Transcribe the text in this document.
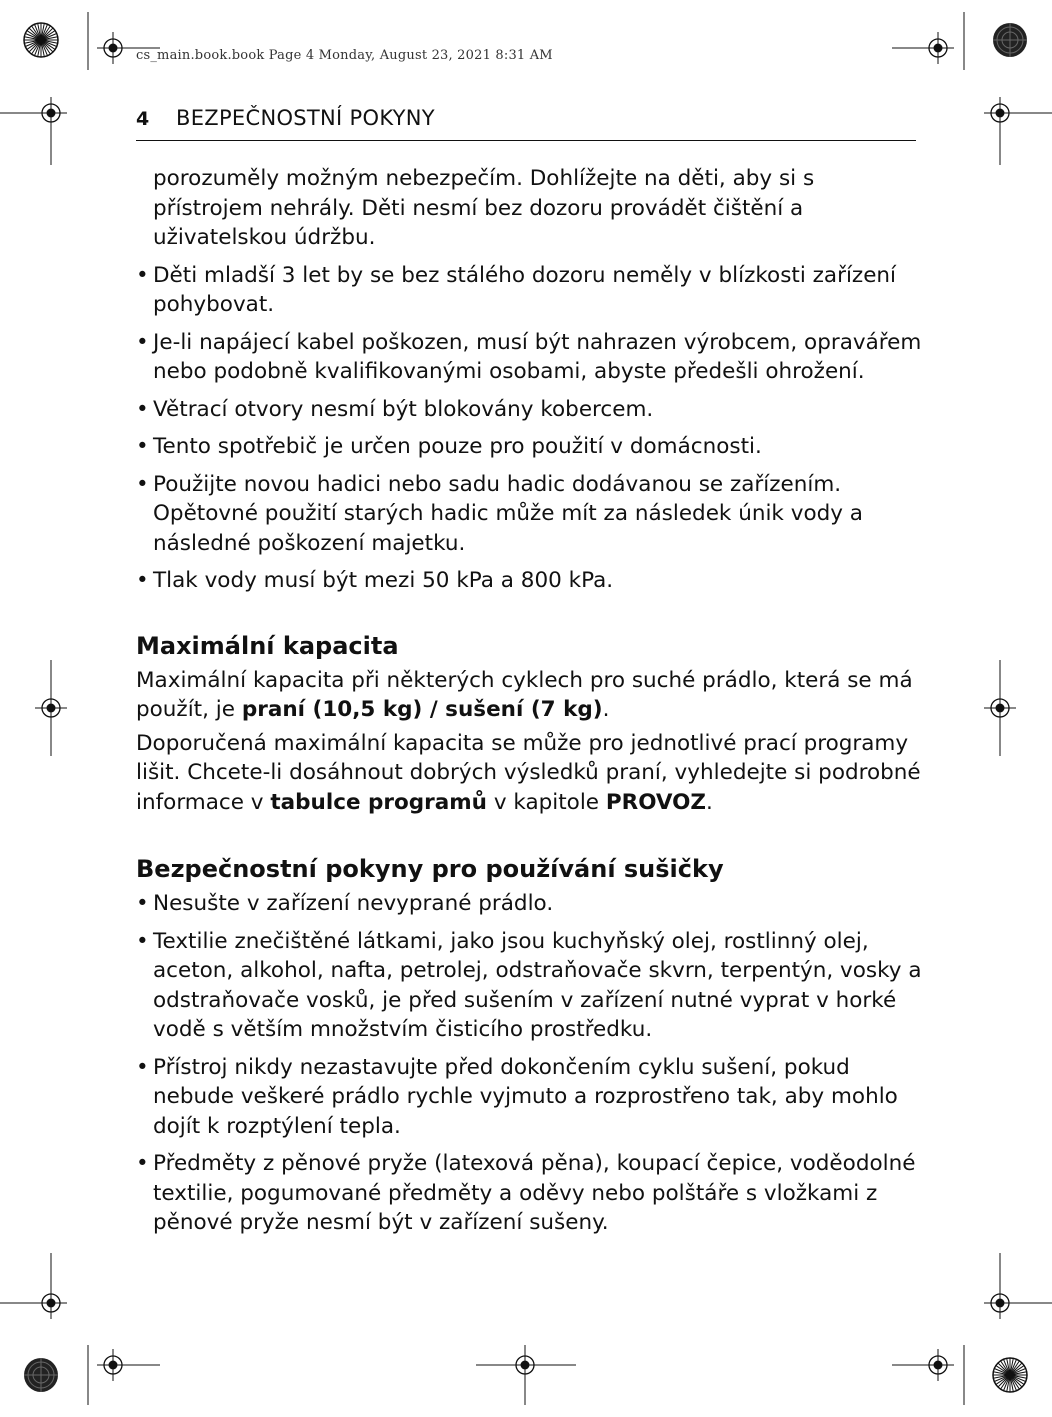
cs_main.book.book Page 4 Monday, August 23, 2021 8:31 AM
4 BEZPEČNOSTNÍ POKYNY
porozuměly možným nebezpečím. Dohlížejte na děti, aby si s přístrojem nehrály. Děti nesmí bez dozoru provádět čištění a uživatelskou údržbu.
• Děti mladší 3 let by se bez stálého dozoru neměly v blízkosti zařízení pohybovat.
• Je-li napájecí kabel poškozen, musí být nahrazen výrobcem, opravářem nebo podobně kvalifikovanými osobami, abyste předešli ohrožení.
• Větrací otvory nesmí být blokovány kobercem.
• Tento spotřebič je určen pouze pro použití v domácnosti.
• Použijte novou hadici nebo sadu hadic dodávanou se zařízením. Opětovné použití starých hadic může mít za následek únik vody a následné poškození majetku.
• Tlak vody musí být mezi 50 kPa a 800 kPa.
Maximální kapacita

Maximální kapacita při některých cyklech pro suché prádlo, která se má použít, je praní (10,5 kg) / sušení (7 kg).

Doporučená maximální kapacita se může pro jednotlivé prací programy lišit. Chcete-li dosáhnout dobrých výsledků praní, vyhledejte si podrobné informace v tabulce programů v kapitole PROVOZ.

Bezpečnostní pokyny pro používání sušičky
• Nesušte v zařízení nevyprané prádlo.
• Textilie znečištěné látkami, jako jsou kuchyňský olej, rostlinný olej, aceton, alkohol, nafta, petrolej, odstraňovače skvrn, terpentýn, vosky a odstraňovače vosků, je před sušením v zařízení nutné vyprat v horké vodě s větším množstvím čisticího prostředku.
• Přístroj nikdy nezastavujte před dokončením cyklu sušení, pokud nebude veškeré prádlo rychle vyjmuto a rozprostřeno tak, aby mohlo dojít k rozptýlení tepla.
• Předměty z pěnové pryže (latexová pěna), koupací čepice, voděodolné textilie, pogumované předměty a oděvy nebo polštáře s vložkami z pěnové pryže nesmí být v zařízení sušeny.
